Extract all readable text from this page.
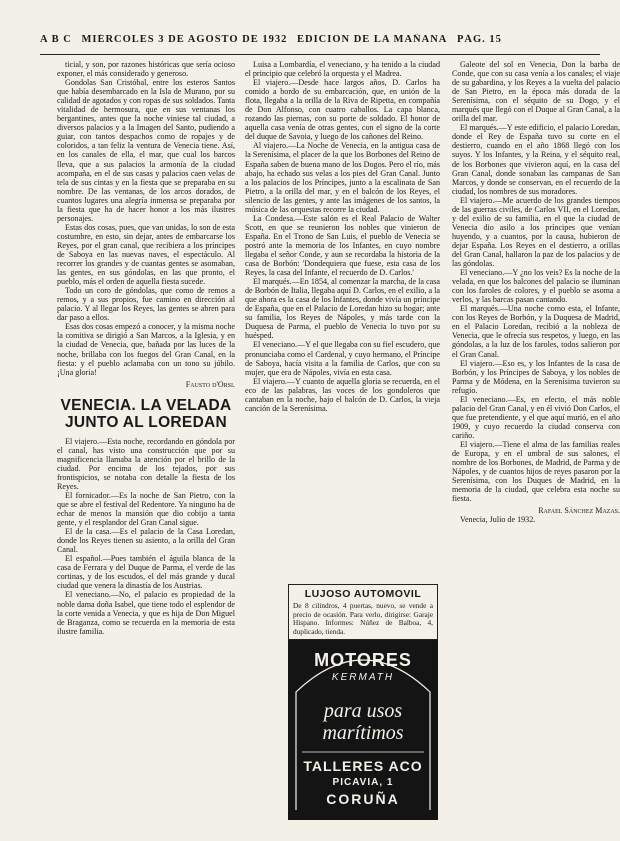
A B C MIÉRCOLES 3 DE AGOSTO DE 1932 EDICIÓN DE LA MAÑANA PÁG. 15

ticial, y son, por razones históricas que sería ocioso exponer, el más considerado y generoso.

Gondolas San Cristóbal, entre los esteros Santos que había desembarcado en la Isla de Murano, por su calidad de agotados y con ropas de sus soldados. Tanta vitalidad de hermosura, que en sus ventanas los bergantines, antes que la noche viniese tal ciudad, a diversos palacios y a la Imagen del Santo, pudiendo a guiar, con tantos despachos como de ropajes y de coloridos, a tan feliz la ventura de Venecia tiene. Así, en los canales de ella, el mar, que cual los barcos lleva, que a sus palacios la armonía de la ciudad acompaña, en el de sus casas y palacios caen velas de tela de sus cintas y en la fiesta que se preparaba en su nombre. De las ventanas, de los arcos dorados, de cuantos lugares una alegría inmensa se preparaba por la fiesta que ha de hacer honor a los más ilustres personajes.

Estas dos cosas, pues, que van unidas, lo son de esta costumbre, en esto, sin dejar, antes de embarcarse los Reyes, por el gran canal, que recibiera a los príncipes de Saboya en las nuevas naves, el espectáculo. Al recorrer los grandes y de cuantas gentes se asomaban, las gentes, en sus góndolas, en las que pronto, el pueblo, más el orden de aquella fiesta sucede.

Todo un coro de góndolas, que como de remos a remos, y a sus propios, fue camino en dirección al palacio. Y al llegar los Reyes, las gentes se abren para dar paso a ellos.

Esas dos cosas empezó a conocer, y la misma noche la comitiva se dirigió a San Marcos, a la Iglesia, y en la ciudad de Venecia, que, bañada por las luces de la noche, brillaba con los fuegos del Gran Canal, en la fiesta: y el pueblo aclamaba con un tono su júbilo. ¡Una gloria!

Fausto d'Orsi.

VENECIA. LA VELADA JUNTO AL LOREDAN

El viajero.—Esta noche, recordando en góndola por el canal, has visto una construcción que por su magnificencia llamaba la atención por el brillo de la ciudad. Por encima de los tejados, por sus frontispicios, se notaba con detalle la fiesta de los Reyes.

El fornicador.—Es la noche de San Pietro, con la que se abre el festival del Redentore. Ya ninguno ha de echar de menos la mansión que dio cobijo a tanta gente, y el resplandor del Gran Canal sigue.

El de la casa.—Es el palacio de la Casa Loredan, donde los Reyes tienen su asiento, a la orilla del Gran Canal.

El español.—Pues también el águila blanca de la casa de Ferrara y del Duque de Parma, el verde de las cortinas, y de los escudos, el del más grande y ducal ciudad que venera la dinastía de los Austrias.

El veneciano.—No, el palacio es propiedad de la noble dama doña Isabel, que tiene todo el esplendor de la corte venida a Venecia, y que es hija de Don Miguel de Braganza, como se recuerda en la memoria de esta ilustre familia.

Luisa a Lombardía, el veneciano, y ha tenido a la ciudad el principio que celebró la orquesta y el Madrea.

El viajero.—Desde hace largos años, D. Carlos ha comido a bordo de su embarcación, que, en unión de la flota, llegaba a la orilla de la Riva de Ripetta, en compañía de Don Alfonso, con cuatro caballos. La capa blanca, rozando las piernas, con su porte de soldado. El honor de aquella casa venía de otras gentes, con el signo de la corte del duque de Savoia, y luego de los cañones del Reino.

Al viajero.—La Noche de Venecia, en la antigua casa de la Serenísima, el placer de la que los Borbones del Reino de España saben de buena mano de los Dogos. Pero el río, más abajo, ha echado sus velas a los pies del Gran Canal. Junto a los palacios de los Príncipes, junto a la escalinata de San Pietro, a la orilla del mar, y en el balcón de los Reyes, el silencio de las gentes, y ante las imágenes de los santos, la música de las orquestas recorre la ciudad.

La Condesa.—Este salón es el Real Palacio de Walter Scott, en que se reunieron los nobles que vinieron de España. En el Trono de San Luis, el pueblo de Venecia se postró ante la memoria de los Infantes, en cuyo nombre llegaba el señor Conde, y aun se recordaba la historia de la casa de Borbón: 'Dondequiera que fuese, esta casa de los Reyes, la casa del Infante, el recuerdo de D. Carlos.'

El marqués.—En 1854, al comenzar la marcha, de la casa de Borbón de Italia, llegaba aquí D. Carlos, en el exilio, a la que ahora es la casa de los Infantes, donde vivía un príncipe de España, que en el Palacio de Loredan hizo su hogar; ante su familia, los Reyes de Nápoles, y más tarde con la Duquesa de Parma, el pueblo de Venecia lo tuvo por su huésped.

El veneciano.—Y el que llegaba con su fiel escudero, que pronunciaba como el Cardenal, y cuyo hermano, el Príncipe de Saboya, hacía visita a la familia de Carlos, que con su mujer, que era de Nápoles, vivía en esta casa.

El viajero.—Y cuanto de aquella gloria se recuerda, en el eco de las palabras, las voces de los gondoleros que cantaban en la noche, bajo el balcón de D. Carlos, la vieja canción de la Serenísima.

LUJOSO AUTOMOVIL
De 8 cilindros, 4 puertas, nuevo, se vende a precio de ocasión. Para verlo, dirigirse: Garaje Hispano. Informes: Núñez de Balboa, 4, duplicado, tienda.
MOTORES
KERMATH
para usos
marítimos
TALLERES ACO
PICAVIA, 1
CORUÑA

Galeote del sol en Venecia, Don la barba de Conde, que con su casa venía a los canales; el viaje de su gabardina, y los Reyes a la vuelta del palacio de San Pietro, en la época más dorada de la Serenísima, con el séquito de su Dogo, y el marqués que llegó con el Duque al Gran Canal, a la orilla del mar.

El marqués.—Y este edificio, el palacio Loredan, donde el Rey de España tuvo su corte en el destierro, cuando en el año 1868 llegó con los suyos. Y los Infantes, y la Reina, y el séquito real, de los Borbones que vivieron aquí, en la casa del Gran Canal, donde sonaban las campanas de San Marcos, y donde se conservan, en el recuerdo de la ciudad, los nombres de sus moradores.

El viajero.—Me acuerdo de los grandes tiempos de las guerras civiles, de Carlos VII, en el Loredan, y del exilio de su familia, en el que la ciudad de Venecia dio asilo a los príncipes que venían huyendo, y a cuantos, por la causa, hubieron de dejar España. Los Reyes en el destierro, a orillas del Gran Canal, hallaron la paz de los palacios y de las góndolas.

El veneciano.—Y ¿no los veis? Es la noche de la velada, en que los balcones del palacio se iluminan con los faroles de colores, y el pueblo se asoma a verlos, y las barcas pasan cantando.

El marqués.—Una noche como esta, el Infante, con los Reyes de Borbón, y la Duquesa de Madrid, en el Palacio Loredan, recibió a la nobleza de Venecia, que le ofrecía sus respetos, y luego, en las góndolas, a la luz de los faroles, todos salieron por el Gran Canal.

El viajero.—Eso es, y los Infantes de la casa de Borbón, y los Príncipes de Saboya, y los nobles de Parma y de Módena, en la Serenísima tuvieron su refugio.

El veneciano.—Es, en efecto, el más noble palacio del Gran Canal, y en él vivió Don Carlos, el que fue pretendiente, y el que aquí murió, en el año 1909, y cuyo recuerdo la ciudad conserva con cariño.

El viajero.—Tiene el alma de las familias reales de Europa, y en el umbral de sus salones, el nombre de los Borbones, de Madrid, de Parma y de Nápoles, y de cuantos hijos de reyes pasaron por la Serenísima, con los Duques de Madrid, en la memoria de la ciudad, que celebra esta noche su fiesta.

Rafael Sánchez Mazas.

Venecia, Julio de 1932.
